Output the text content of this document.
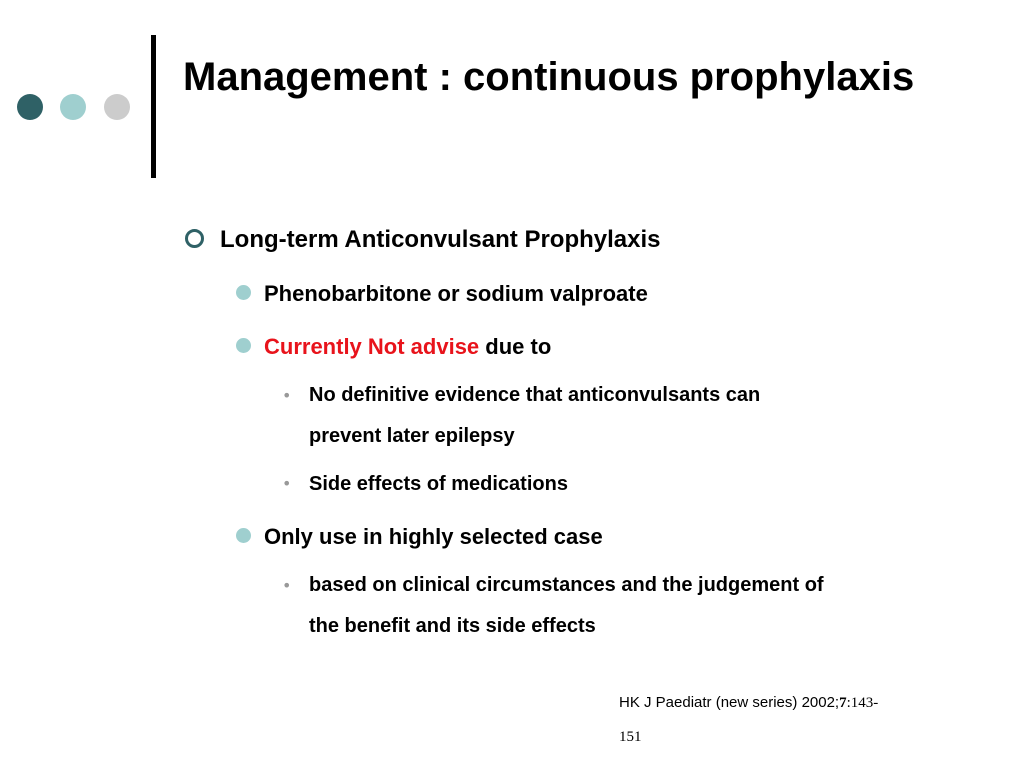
Management : continuous prophylaxis
Long-term Anticonvulsant Prophylaxis
Phenobarbitone or sodium valproate
Currently Not advise due to
• No definitive evidence that anticonvulsants can
prevent later epilepsy
• Side effects of medications
Only use in highly selected case
• based on clinical circumstances and the judgement of
the benefit and its side effects
HK J Paediatr (new series) 2002;7:143-
151
